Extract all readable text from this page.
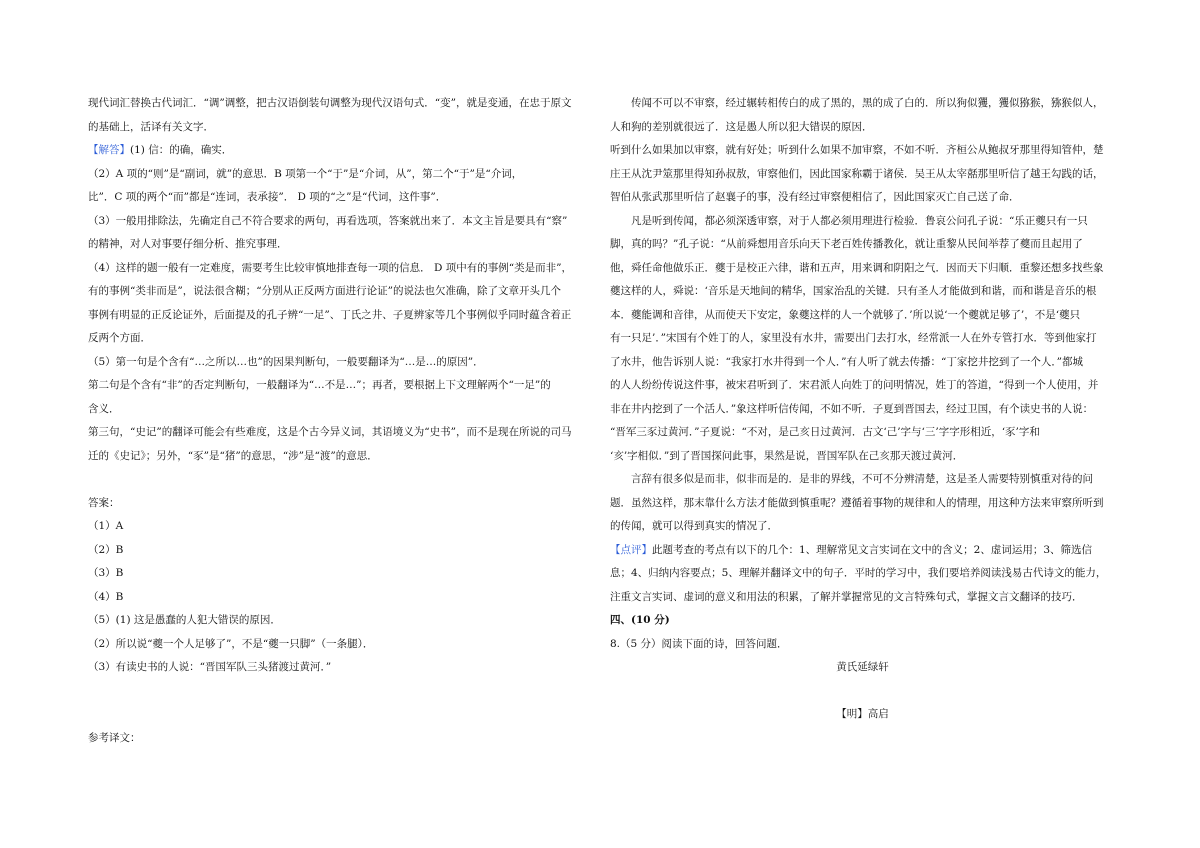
现代词汇替换古代词汇．“调”调整，把古汉语倒装句调整为现代汉语句式．“变”，就是变通，在忠于原文
的基础上，活译有关文字．
【解答】(1) 信：的确，确实．
（2）A 项的“则”是“副词，就”的意思．B 项第一个“于”是“介词，从”，第二个“于”是“介词，
比”．C 项的两个“而”都是“连词，表承接”． D 项的“之”是“代词，这件事”．
（3）一般用排除法，先确定自己不符合要求的两句，再看选项，答案就出来了．本文主旨是要具有“察”
的精神，对人对事要仔细分析、推究事理．
（4）这样的题一般有一定难度，需要考生比较审慎地排查每一项的信息． D 项中有的事例“类是而非”，
有的事例“类非而是”，说法很含糊；“分别从正反两方面进行论证”的说法也欠准确，除了文章开头几个
事例有明显的正反论证外，后面提及的孔子辨“一足”、丁氏之井、子夏辨家等几个事例似乎同时蕴含着正
反两个方面．
（5）第一句是个含有“…之所以…也”的因果判断句，一般要翻译为“…是…的原因”．
第二句是个含有“非”的否定判断句，一般翻译为“…不是…”；再者，要根据上下文理解两个“一足”的
含义．
第三句，“史记”的翻译可能会有些难度，这是个古今异义词，其语境义为“史书”，而不是现在所说的司马
迁的《史记》；另外，“豕”是“猪”的意思，“涉”是“渡”的意思．
答案：
（1）A
（2）B
（3）B
（4）B
（5）(1) 这是愚蠢的人犯大错误的原因．
（2）所以说“夔一个人足够了”，不是“夔一只脚”（一条腿）．
（3）有读史书的人说：“晋国军队三头猪渡过黄河．”
参考译文：
传闻不可以不审察，经过辗转相传白的成了黑的，黑的成了白的．所以狗似玃，玃似猕猴，猕猴似人，
人和狗的差别就很远了．这是愚人所以犯大错误的原因．
听到什么如果加以审察，就有好处；听到什么如果不加审察，不如不听．齐桓公从鲍叔牙那里得知管仲，楚
庄王从沈尹筮那里得知孙叔敖，审察他们，因此国家称霸于诸侯．吴王从太宰嚭那里听信了越王勾践的话，
智伯从张武那里听信了赵襄子的事，没有经过审察便相信了，因此国家灭亡自己送了命．
凡是听到传闻，都必须深透审察，对于人都必须用理进行检验．鲁哀公问孔子说：“乐正夔只有一只
脚，真的吗？”孔子说：“从前舜想用音乐向天下老百姓传播教化，就让重黎从民间举荐了夔而且起用了
他，舜任命他做乐正．夔于是校正六律，谐和五声，用来调和阴阳之气．因而天下归顺．重黎还想多找些象
夔这样的人，舜说：‘音乐是天地间的精华，国家治乱的关键．只有圣人才能做到和谐，而和谐是音乐的根
本．夔能调和音律，从而使天下安定，象夔这样的人一个就够了．’所以说‘一个夔就足够了’，不是‘夔只
有一只足’．”宋国有个姓丁的人，家里没有水井，需要出门去打水，经常派一人在外专管打水．等到他家打
了水井，他告诉别人说：“我家打水井得到一个人．”有人听了就去传播：“丁家挖井挖到了一个人．”都城
的人人纷纷传说这件事，被宋君听到了．宋君派人向姓丁的问明情况，姓丁的答道，“得到一个人使用，并
非在井内挖到了一个活人．”象这样听信传闻，不如不听．子夏到晋国去，经过卫国，有个读史书的人说：
“晋军三豕过黄河．”子夏说：“不对，是己亥日过黄河．古文‘己’字与‘三’字字形相近，‘豕’字和
‘亥’字相似．”到了晋国探问此事，果然是说，晋国军队在己亥那天渡过黄河．
言辞有很多似是而非，似非而是的．是非的界线，不可不分辨清楚，这是圣人需要特别慎重对待的问
题．虽然这样，那末靠什么方法才能做到慎重呢？遵循着事物的规律和人的情理，用这种方法来审察所听到
的传闻，就可以得到真实的情况了．
【点评】此题考查的考点有以下的几个：1、理解常见文言实词在文中的含义；2、虚词运用；3、筛选信
息；4、归纳内容要点；5、理解并翻译文中的句子．平时的学习中，我们要培养阅读浅易古代诗文的能力，
注重文言实词、虚词的意义和用法的积累，了解并掌握常见的文言特殊句式，掌握文言文翻译的技巧．
四、(10 分)
8.（5 分）阅读下面的诗，回答问题．
黄氏延绿轩
【明】高启
